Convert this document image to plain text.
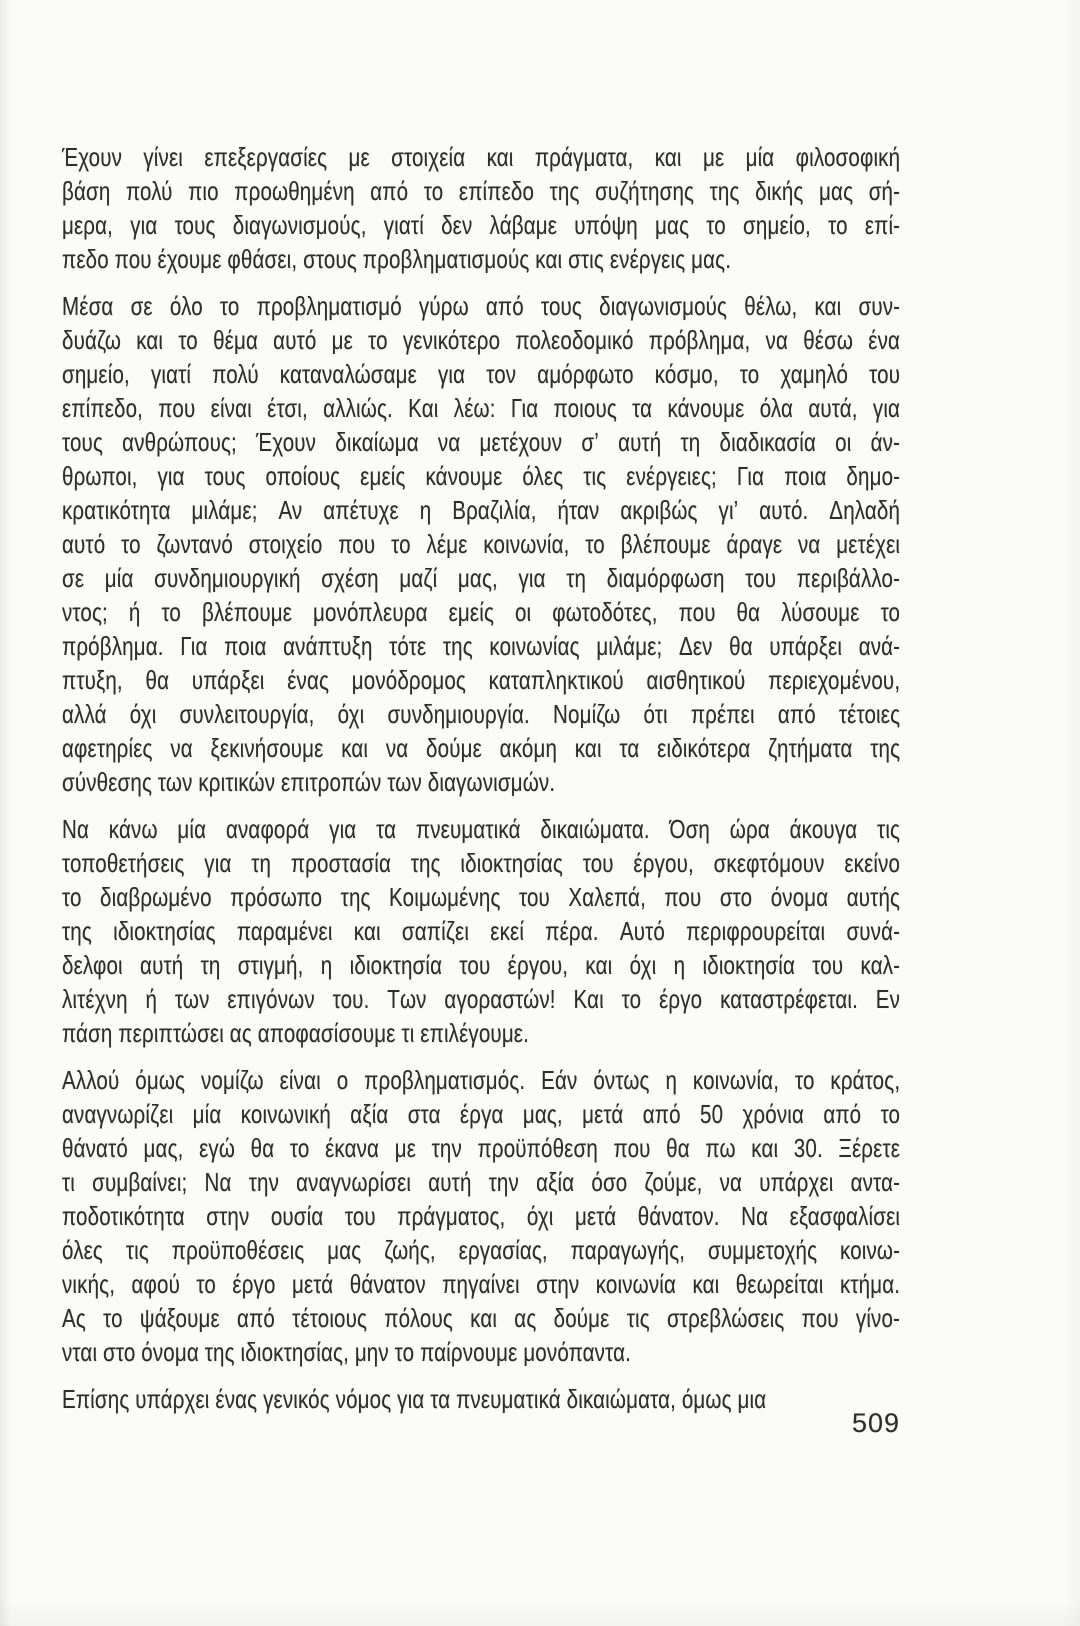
Έχουν γίνει επεξεργασίες με στοιχεία και πράγματα, και με μία φιλοσοφική
βάση πολύ πιο προωθημένη από το επίπεδο της συζήτησης της δικής μας σή-
μερα, για τους διαγωνισμούς, γιατί δεν λάβαμε υπόψη μας το σημείο, το επί-
πεδο που έχουμε φθάσει, στους προβληματισμούς και στις ενέργεις μας.

Μέσα σε όλο το προβληματισμό γύρω από τους διαγωνισμούς θέλω, και συν-
δυάζω και το θέμα αυτό με το γενικότερο πολεοδομικό πρόβλημα, να θέσω ένα
σημείο, γιατί πολύ καταναλώσαμε για τον αμόρφωτο κόσμο, το χαμηλό του
επίπεδο, που είναι έτσι, αλλιώς. Και λέω: Για ποιους τα κάνουμε όλα αυτά, για
τους ανθρώπους; Έχουν δικαίωμα να μετέχουν σ’ αυτή τη διαδικασία οι άν-
θρωποι, για τους οποίους εμείς κάνουμε όλες τις ενέργειες; Για ποια δημο-
κρατικότητα μιλάμε; Αν απέτυχε η Βραζιλία, ήταν ακριβώς γι’ αυτό. Δηλαδή
αυτό το ζωντανό στοιχείο που το λέμε κοινωνία, το βλέπουμε άραγε να μετέχει
σε μία συνδημιουργική σχέση μαζί μας, για τη διαμόρφωση του περιβάλλο-
ντος; ή το βλέπουμε μονόπλευρα εμείς οι φωτοδότες, που θα λύσουμε το
πρόβλημα. Για ποια ανάπτυξη τότε της κοινωνίας μιλάμε; Δεν θα υπάρξει ανά-
πτυξη, θα υπάρξει ένας μονόδρομος καταπληκτικού αισθητικού περιεχομένου,
αλλά όχι συνλειτουργία, όχι συνδημιουργία. Νομίζω ότι πρέπει από τέτοιες
αφετηρίες να ξεκινήσουμε και να δούμε ακόμη και τα ειδικότερα ζητήματα της
σύνθεσης των κριτικών επιτροπών των διαγωνισμών.

Να κάνω μία αναφορά για τα πνευματικά δικαιώματα. Όση ώρα άκουγα τις
τοποθετήσεις για τη προστασία της ιδιοκτησίας του έργου, σκεφτόμουν εκείνο
το διαβρωμένο πρόσωπο της Κοιμωμένης του Χαλεπά, που στο όνομα αυτής
της ιδιοκτησίας παραμένει και σαπίζει εκεί πέρα. Αυτό περιφρουρείται συνά-
δελφοι αυτή τη στιγμή, η ιδιοκτησία του έργου, και όχι η ιδιοκτησία του καλ-
λιτέχνη ή των επιγόνων του. Των αγοραστών! Και το έργο καταστρέφεται. Εν
πάση περιπτώσει ας αποφασίσουμε τι επιλέγουμε.

Αλλού όμως νομίζω είναι ο προβληματισμός. Εάν όντως η κοινωνία, το κράτος,
αναγνωρίζει μία κοινωνική αξία στα έργα μας, μετά από 50 χρόνια από το
θάνατό μας, εγώ θα το έκανα με την προϋπόθεση που θα πω και 30. Ξέρετε
τι συμβαίνει; Να την αναγνωρίσει αυτή την αξία όσο ζούμε, να υπάρχει αντα-
ποδοτικότητα στην ουσία του πράγματος, όχι μετά θάνατον. Να εξασφαλίσει
όλες τις προϋποθέσεις μας ζωής, εργασίας, παραγωγής, συμμετοχής κοινω-
νικής, αφού το έργο μετά θάνατον πηγαίνει στην κοινωνία και θεωρείται κτήμα.
Ας το ψάξουμε από τέτοιους πόλους και ας δούμε τις στρεβλώσεις που γίνο-
νται στο όνομα της ιδιοκτησίας, μην το παίρνουμε μονόπαντα.

Επίσης υπάρχει ένας γενικός νόμος για τα πνευματικά δικαιώματα, όμως μια

509
